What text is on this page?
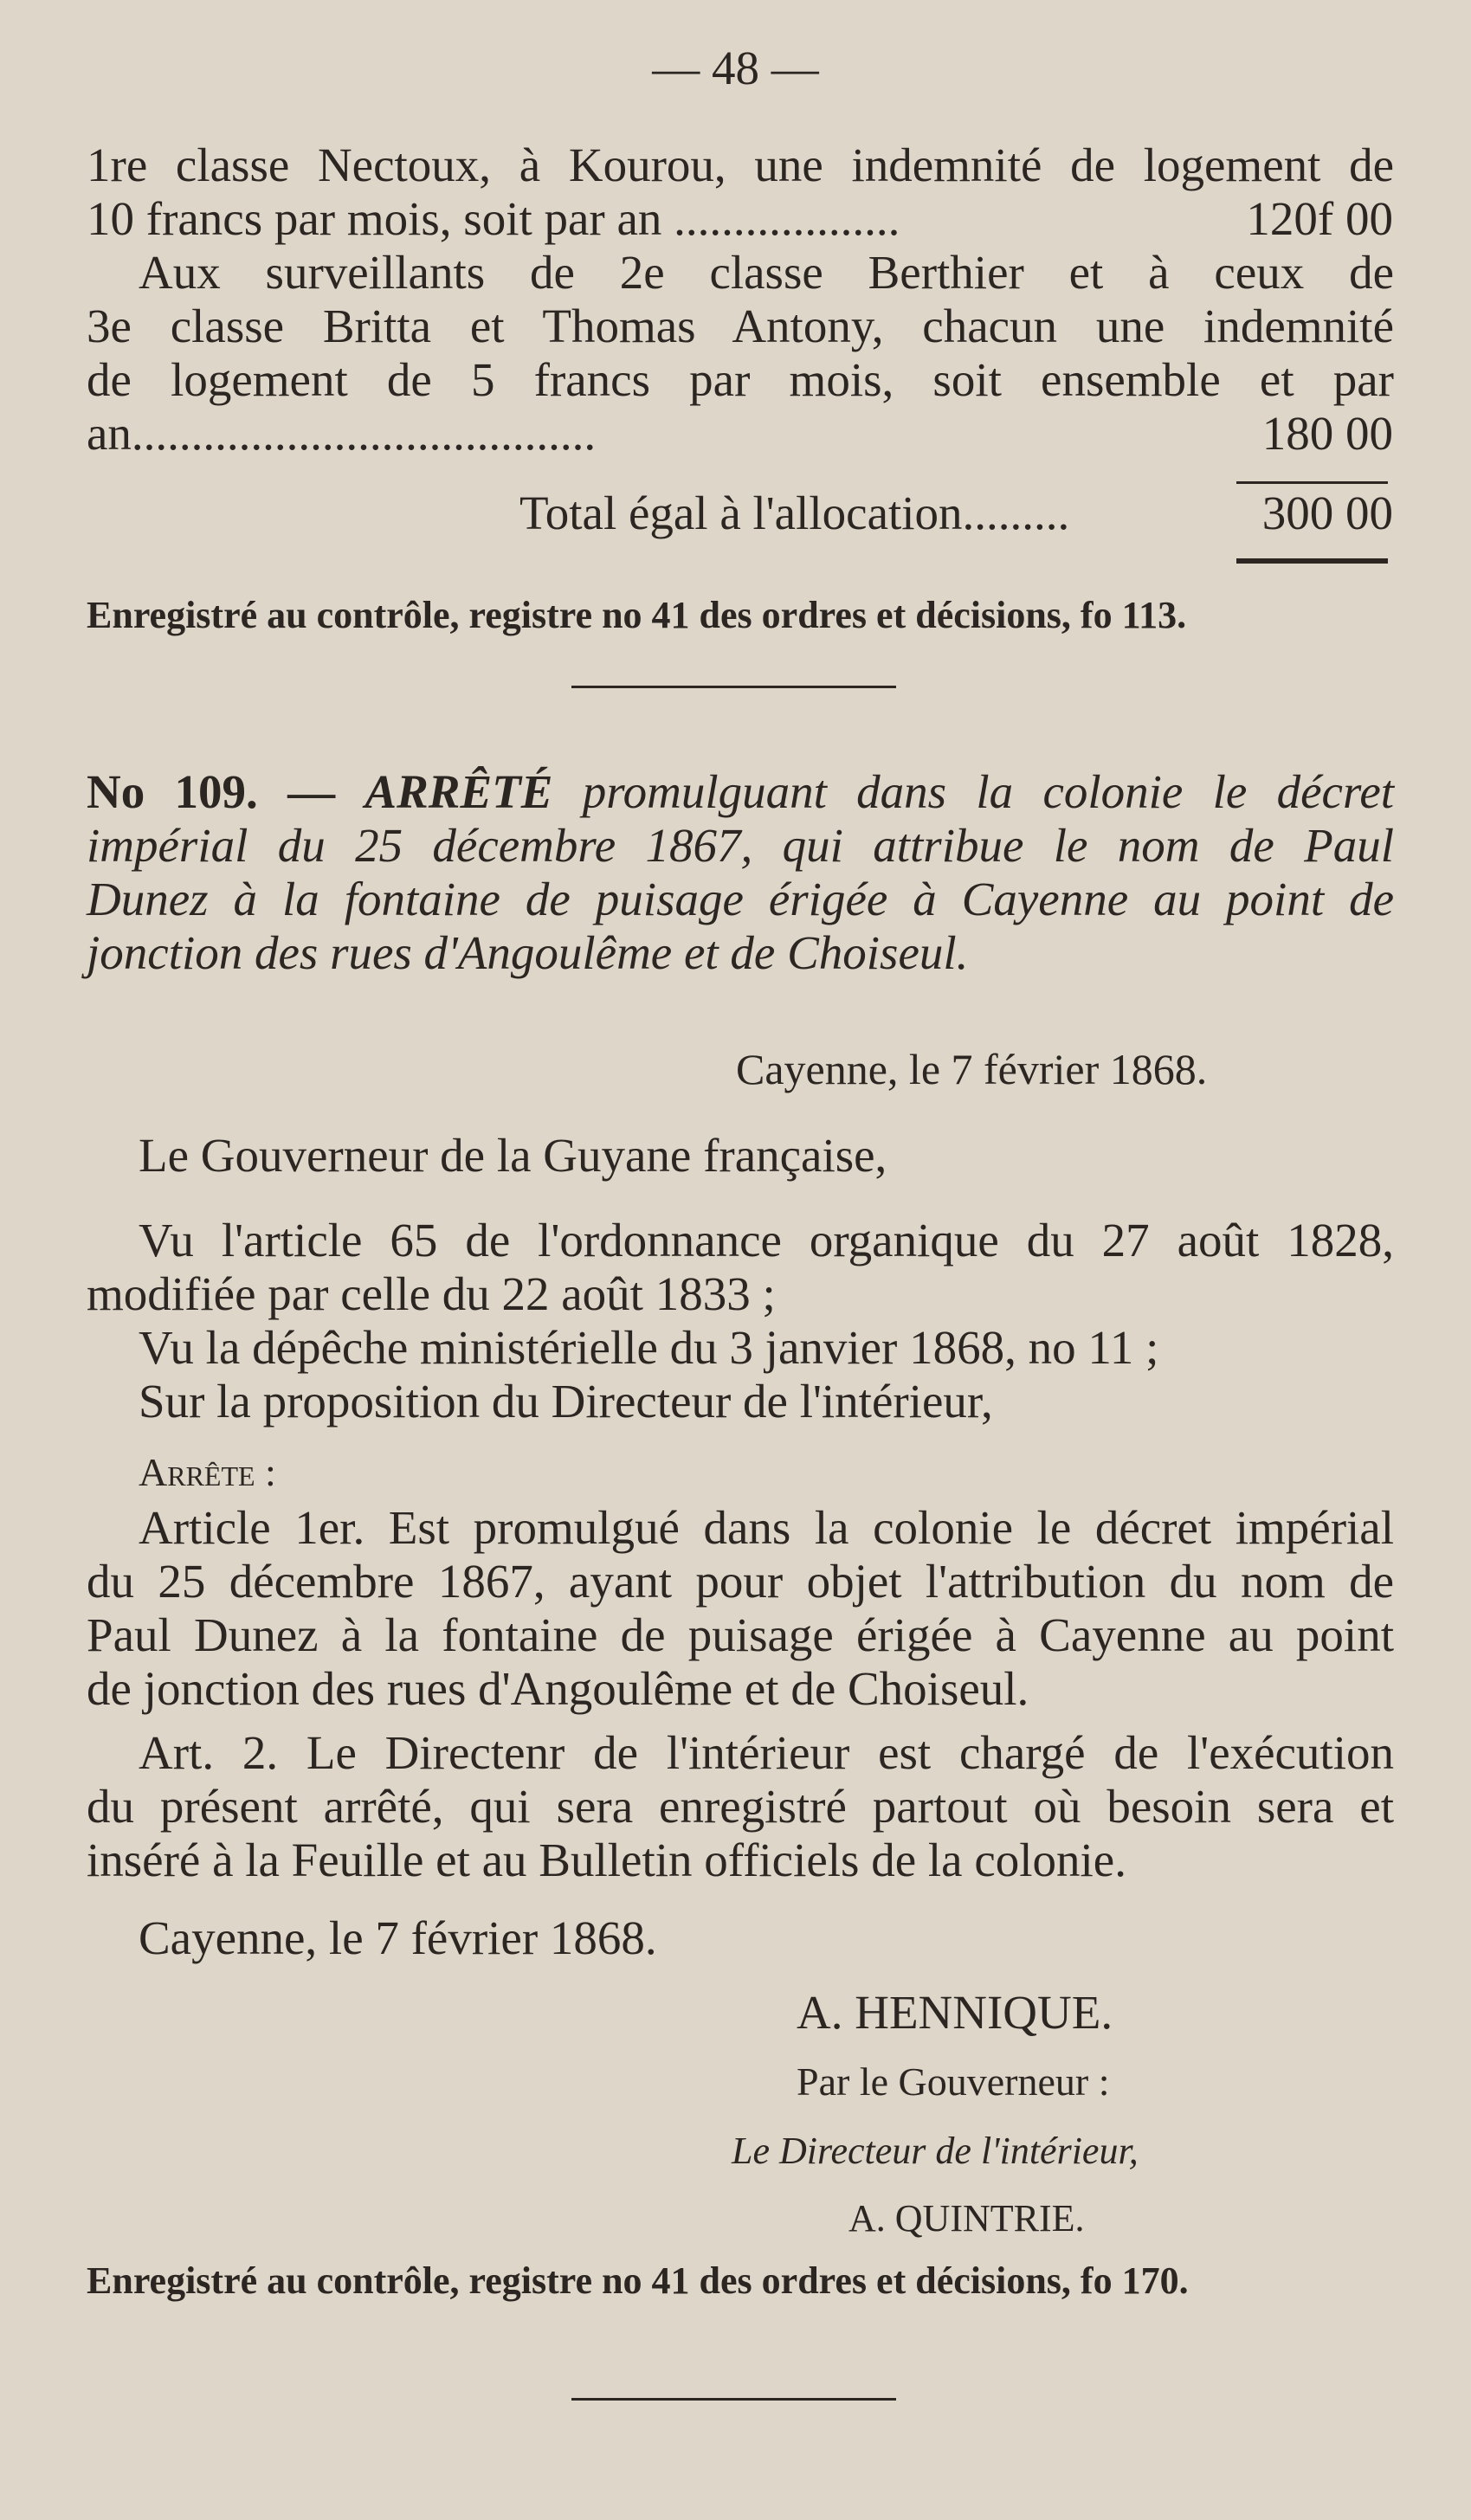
— 48 —
1re classe Nectoux, à Kourou, une indemnité de logement de
10 francs par mois, soit par an ...................	120f 00
Aux surveillants de 2e classe Berthier et à ceux de
3e classe Britta et Thomas Antony, chacun une indemnité
de logement de 5 francs par mois, soit ensemble et par
an.......................................	180 00
Total égal à l'allocation.........	300 00
Enregistré au contrôle, registre no 41 des ordres et décisions, fo 113.
No 109. — ARRÊTÉ promulguant dans la colonie le décret
impérial du 25 décembre 1867, qui attribue le nom de Paul
Dunez à la fontaine de puisage érigée à Cayenne au point de
jonction des rues d'Angoulême et de Choiseul.
Cayenne, le 7 février 1868.
Le Gouverneur de la Guyane française,
Vu l'article 65 de l'ordonnance organique du 27 août 1828,
modifiée par celle du 22 août 1833 ;
Vu la dépêche ministérielle du 3 janvier 1868, no 11 ;
Sur la proposition du Directeur de l'intérieur,
Arrête :
Article 1er. Est promulgué dans la colonie le décret impérial
du 25 décembre 1867, ayant pour objet l'attribution du nom de
Paul Dunez à la fontaine de puisage érigée à Cayenne au point
de jonction des rues d'Angoulême et de Choiseul.
Art. 2. Le Directenr de l'intérieur est chargé de l'exécution
du présent arrêté, qui sera enregistré partout où besoin sera et
inséré à la Feuille et au Bulletin officiels de la colonie.
Cayenne, le 7 février 1868.
A. HENNIQUE.
Par le Gouverneur :
Le Directeur de l'intérieur,
A. QUINTRIE.
Enregistré au contrôle, registre no 41 des ordres et décisions, fo 170.
